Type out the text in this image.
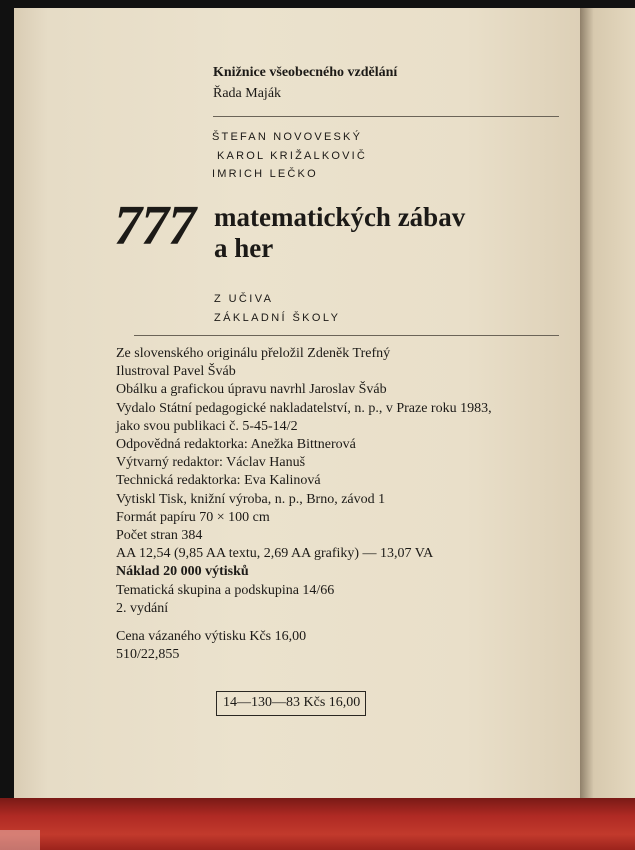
Knižnice všeobecného vzdělání

Řada Maják

ŠTEFAN NOVOVESKÝ
KAROL KRIŽALKOVIČ
IMRICH LEČKO
777 matematických zábav
a her
Z UČIVA
ZÁKLADNÍ ŠKOLY
Ze slovenského originálu přeložil Zdeněk Trefný
Ilustroval Pavel Šváb
Obálku a grafickou úpravu navrhl Jaroslav Šváb
Vydalo Státní pedagogické nakladatelství, n. p., v Praze roku 1983,
jako svou publikaci č. 5-45-14/2
Odpovědná redaktorka: Anežka Bittnerová
Výtvarný redaktor: Václav Hanuš
Technická redaktorka: Eva Kalinová
Vytiskl Tisk, knižní výroba, n. p., Brno, závod 1
Formát papíru 70 × 100 cm
Počet stran 384
AA 12,54 (9,85 AA textu, 2,69 AA grafiky) — 13,07 VA
Náklad 20 000 výtisků
Tematická skupina a podskupina 14/66
2. vydání
Cena vázaného výtisku Kčs 16,00
510/22,855
14—130—83 Kčs 16,00
